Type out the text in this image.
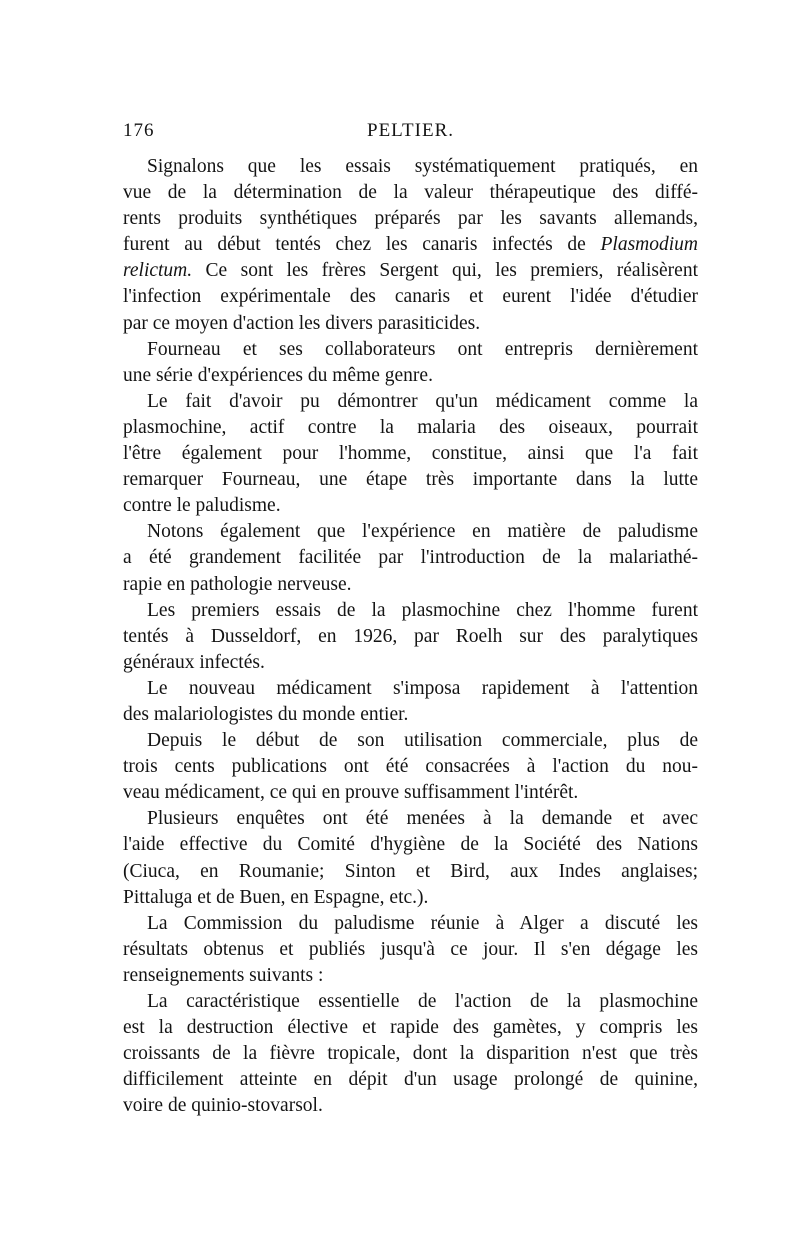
176	PELTIER.

Signalons que les essais systématiquement pratiqués, en
vue de la détermination de la valeur thérapeutique des diffé-
rents produits synthétiques préparés par les savants allemands,
furent au début tentés chez les canaris infectés de Plasmodium
relictum. Ce sont les frères Sergent qui, les premiers, réalisèrent
l'infection expérimentale des canaris et eurent l'idée d'étudier
par ce moyen d'action les divers parasiticides.

Fourneau et ses collaborateurs ont entrepris dernièrement
une série d'expériences du même genre.

Le fait d'avoir pu démontrer qu'un médicament comme la
plasmochine, actif contre la malaria des oiseaux, pourrait
l'être également pour l'homme, constitue, ainsi que l'a fait
remarquer Fourneau, une étape très importante dans la lutte
contre le paludisme.

Notons également que l'expérience en matière de paludisme
a été grandement facilitée par l'introduction de la malariathé-
rapie en pathologie nerveuse.

Les premiers essais de la plasmochine chez l'homme furent
tentés à Dusseldorf, en 1926, par Roelh sur des paralytiques
généraux infectés.

Le nouveau médicament s'imposa rapidement à l'attention
des malariologistes du monde entier.

Depuis le début de son utilisation commerciale, plus de
trois cents publications ont été consacrées à l'action du nou-
veau médicament, ce qui en prouve suffisamment l'intérêt.

Plusieurs enquêtes ont été menées à la demande et avec
l'aide effective du Comité d'hygiène de la Société des Nations
(Ciuca, en Roumanie; Sinton et Bird, aux Indes anglaises;
Pittaluga et de Buen, en Espagne, etc.).

La Commission du paludisme réunie à Alger a discuté les
résultats obtenus et publiés jusqu'à ce jour. Il s'en dégage les
renseignements suivants :

La caractéristique essentielle de l'action de la plasmochine
est la destruction élective et rapide des gamètes, y compris les
croissants de la fièvre tropicale, dont la disparition n'est que très
difficilement atteinte en dépit d'un usage prolongé de quinine,
voire de quinio-stovarsol.
